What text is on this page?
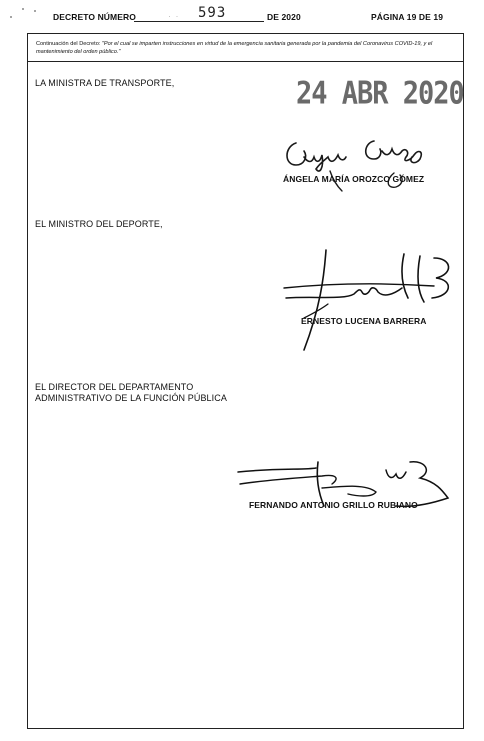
DECRETO NÚMERO	· · 593	DE 2020	PÁGINA 19 DE 19
Continuación del Decreto: "Por el cual se imparten instrucciones en virtud de la emergencia sanitaria generada por la pandemia del Coronavirus COVID-19, y el mantenimiento del orden público."
LA MINISTRA DE TRANSPORTE,	24 ABR 2020
ÁNGELA MARÍA OROZCO GÓMEZ
EL MINISTRO DEL DEPORTE,
ERNESTO LUCENA BARRERA
EL DIRECTOR DEL DEPARTAMENTO
ADMINISTRATIVO DE LA FUNCIÓN PÚBLICA
FERNANDO ANTONIO GRILLO RUBIANO
